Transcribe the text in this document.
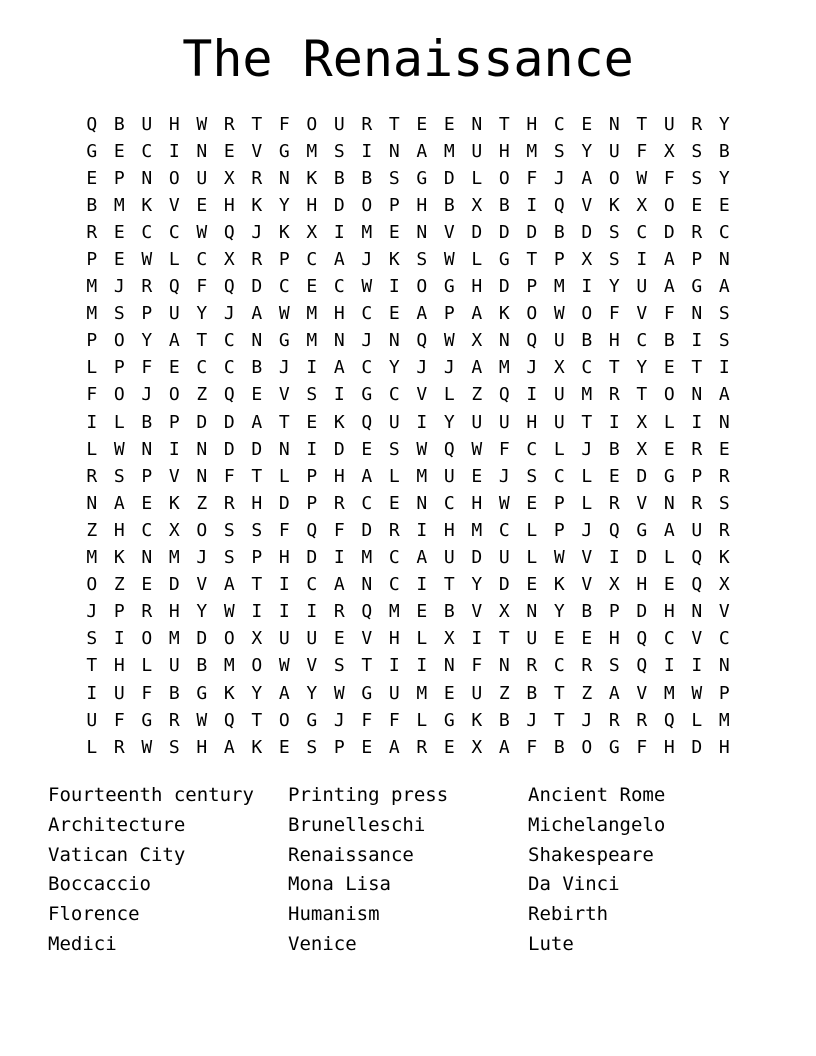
The Renaissance
Q B U H W R T F O U R T E E N T H C E N T U R Y
G E C I N E V G M S I N A M U H M S Y U F X S B
E P N O U X R N K B B S G D L O F J A O W F S Y
B M K V E H K Y H D O P H B X B I Q V K X O E E
R E C C W Q J K X I M E N V D D D B D S C D R C
P E W L C X R P C A J K S W L G T P X S I A P N
M J R Q F Q D C E C W I O G H D P M I Y U A G A
M S P U Y J A W M H C E A P A K O W O F V F N S
P O Y A T C N G M N J N Q W X N Q U B H C B I S
L P F E C C B J I A C Y J J A M J X C T Y E T I
F O J O Z Q E V S I G C V L Z Q I U M R T O N A
I L B P D D A T E K Q U I Y U U H U T I X L I N
L W N I N D D N I D E S W Q W F C L J B X E R E
R S P V N F T L P H A L M U E J S C L E D G P R
N A E K Z R H D P R C E N C H W E P L R V N R S
Z H C X O S S F Q F D R I H M C L P J Q G A U R
M K N M J S P H D I M C A U D U L W V I D L Q K
O Z E D V A T I C A N C I T Y D E K V X H E Q X
J P R H Y W I I I R Q M E B V X N Y B P D H N V
S I O M D O X U U E V H L X I T U E E H Q C V C
T H L U B M O W V S T I I N F N R C R S Q I I N
I U F B G K Y A Y W G U M E U Z B T Z A V M W P
U F G R W Q T O G J F F L G K B J T J R R Q L M
L R W S H A K E S P E A R E X A F B O G F H D H
Fourteenth century
Architecture
Vatican City
Boccaccio
Florence
Medici
Printing press
Brunelleschi
Renaissance
Mona Lisa
Humanism
Venice
Ancient Rome
Michelangelo
Shakespeare
Da Vinci
Rebirth
Lute
